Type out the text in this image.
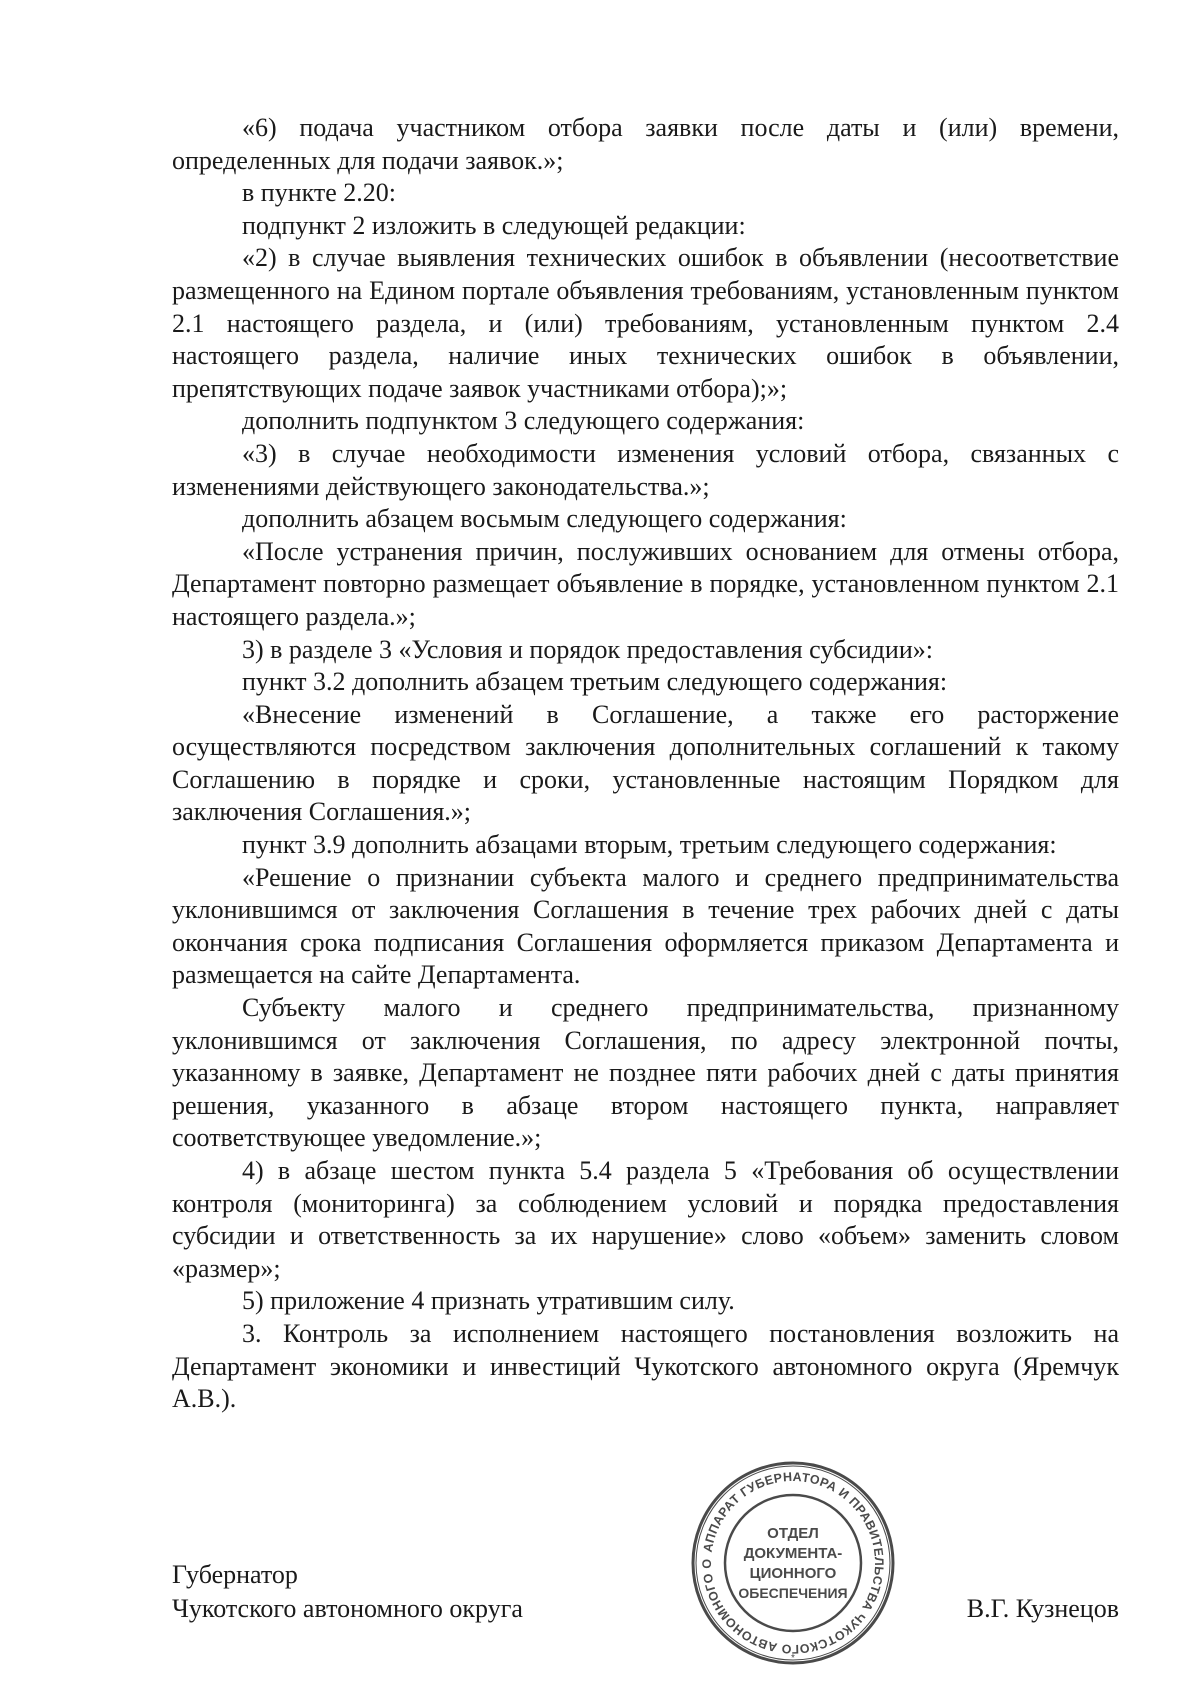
«6) подача участником отбора заявки после даты и (или) времени, определенных для подачи заявок.»;

в пункте 2.20:

подпункт 2 изложить в следующей редакции:

«2) в случае выявления технических ошибок в объявлении (несоответствие размещенного на Едином портале объявления требованиям, установленным пунктом 2.1 настоящего раздела, и (или) требованиям, установленным пунктом 2.4 настоящего раздела, наличие иных технических ошибок в объявлении, препятствующих подаче заявок участниками отбора);»;

дополнить подпунктом 3 следующего содержания:

«3) в случае необходимости изменения условий отбора, связанных с изменениями действующего законодательства.»;

дополнить абзацем восьмым следующего содержания:

«После устранения причин, послуживших основанием для отмены отбора, Департамент повторно размещает объявление в порядке, установленном пунктом 2.1 настоящего раздела.»;

3) в разделе 3 «Условия и порядок предоставления субсидии»:

пункт 3.2 дополнить абзацем третьим следующего содержания:

«Внесение изменений в Соглашение, а также его расторжение осуществляются посредством заключения дополнительных соглашений к такому Соглашению в порядке и сроки, установленные настоящим Порядком для заключения Соглашения.»;

пункт 3.9 дополнить абзацами вторым, третьим следующего содержания:

«Решение о признании субъекта малого и среднего предпринимательства уклонившимся от заключения Соглашения в течение трех рабочих дней с даты окончания срока подписания Соглашения оформляется приказом Департамента и размещается на сайте Департамента.

Субъекту малого и среднего предпринимательства, признанному уклонившимся от заключения Соглашения, по адресу электронной почты, указанному в заявке, Департамент не позднее пяти рабочих дней с даты принятия решения, указанного в абзаце втором настоящего пункта, направляет соответствующее уведомление.»;

4) в абзаце шестом пункта 5.4 раздела 5 «Требования об осуществлении контроля (мониторинга) за соблюдением условий и порядка предоставления субсидии и ответственность за их нарушение» слово «объем» заменить словом «размер»;

5) приложение 4 признать утратившим силу.

3. Контроль за исполнением настоящего постановления возложить на Департамент экономики и инвестиций Чукотского автономного округа (Яремчук А.В.).

АППАРАТ ГУБЕРНАТОРА И ПРАВИТЕЛЬСТВА ЧУКОТСКОГО АВТОНОМНОГО О
ОТДЕЛ
ДОКУМЕНТА-
ЦИОННОГО
ОБЕСПЕЧЕНИЯ
*
Губернатор
Чукотского автономного округа	В.Г. Кузнецов
